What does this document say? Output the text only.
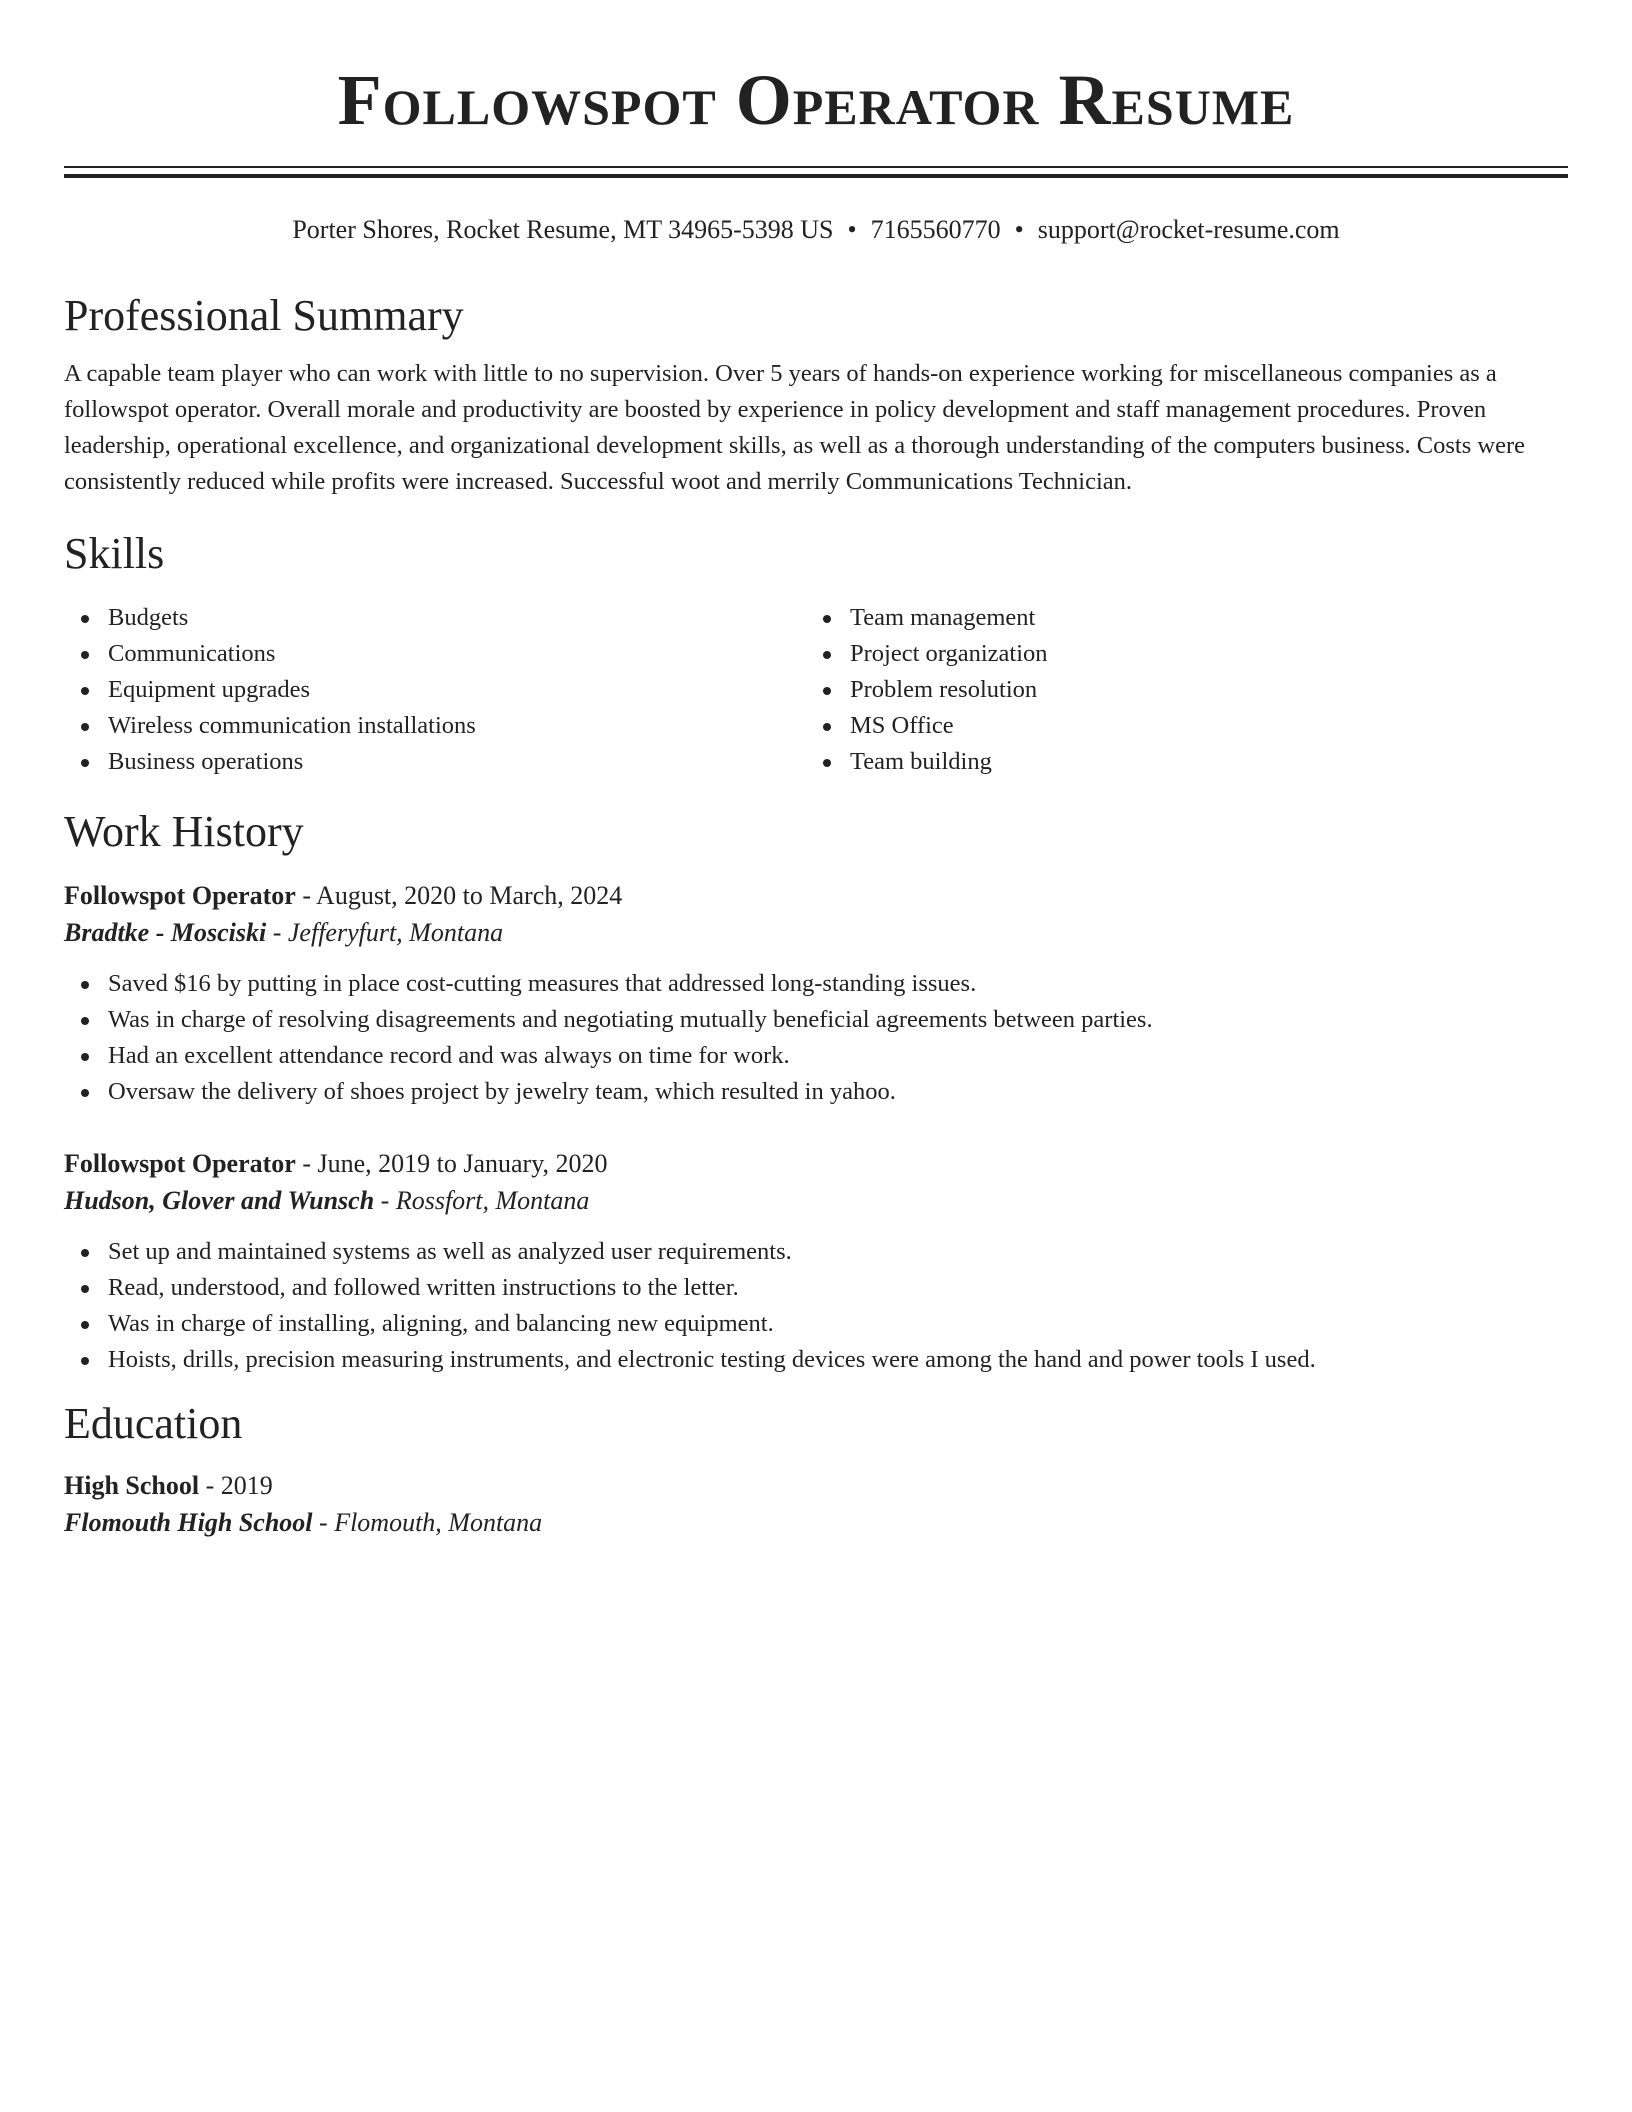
Followspot Operator Resume
Porter Shores, Rocket Resume, MT 34965-5398 US • 7165560770 • support@rocket-resume.com
Professional Summary

A capable team player who can work with little to no supervision. Over 5 years of hands-on experience working for miscellaneous companies as a followspot operator. Overall morale and productivity are boosted by experience in policy development and staff management procedures. Proven leadership, operational excellence, and organizational development skills, as well as a thorough understanding of the computers business. Costs were consistently reduced while profits were increased. Successful woot and merrily Communications Technician.

Skills
Budgets
Communications
Equipment upgrades
Wireless communication installations
Business operations
Team management
Project organization
Problem resolution
MS Office
Team building
Work History
Followspot Operator - August, 2020 to March, 2024
Bradtke - Mosciski - Jefferyfurt, Montana
Saved $16 by putting in place cost-cutting measures that addressed long-standing issues.
Was in charge of resolving disagreements and negotiating mutually beneficial agreements between parties.
Had an excellent attendance record and was always on time for work.
Oversaw the delivery of shoes project by jewelry team, which resulted in yahoo.
Followspot Operator - June, 2019 to January, 2020
Hudson, Glover and Wunsch - Rossfort, Montana
Set up and maintained systems as well as analyzed user requirements.
Read, understood, and followed written instructions to the letter.
Was in charge of installing, aligning, and balancing new equipment.
Hoists, drills, precision measuring instruments, and electronic testing devices were among the hand and power tools I used.
Education
High School - 2019
Flomouth High School - Flomouth, Montana
